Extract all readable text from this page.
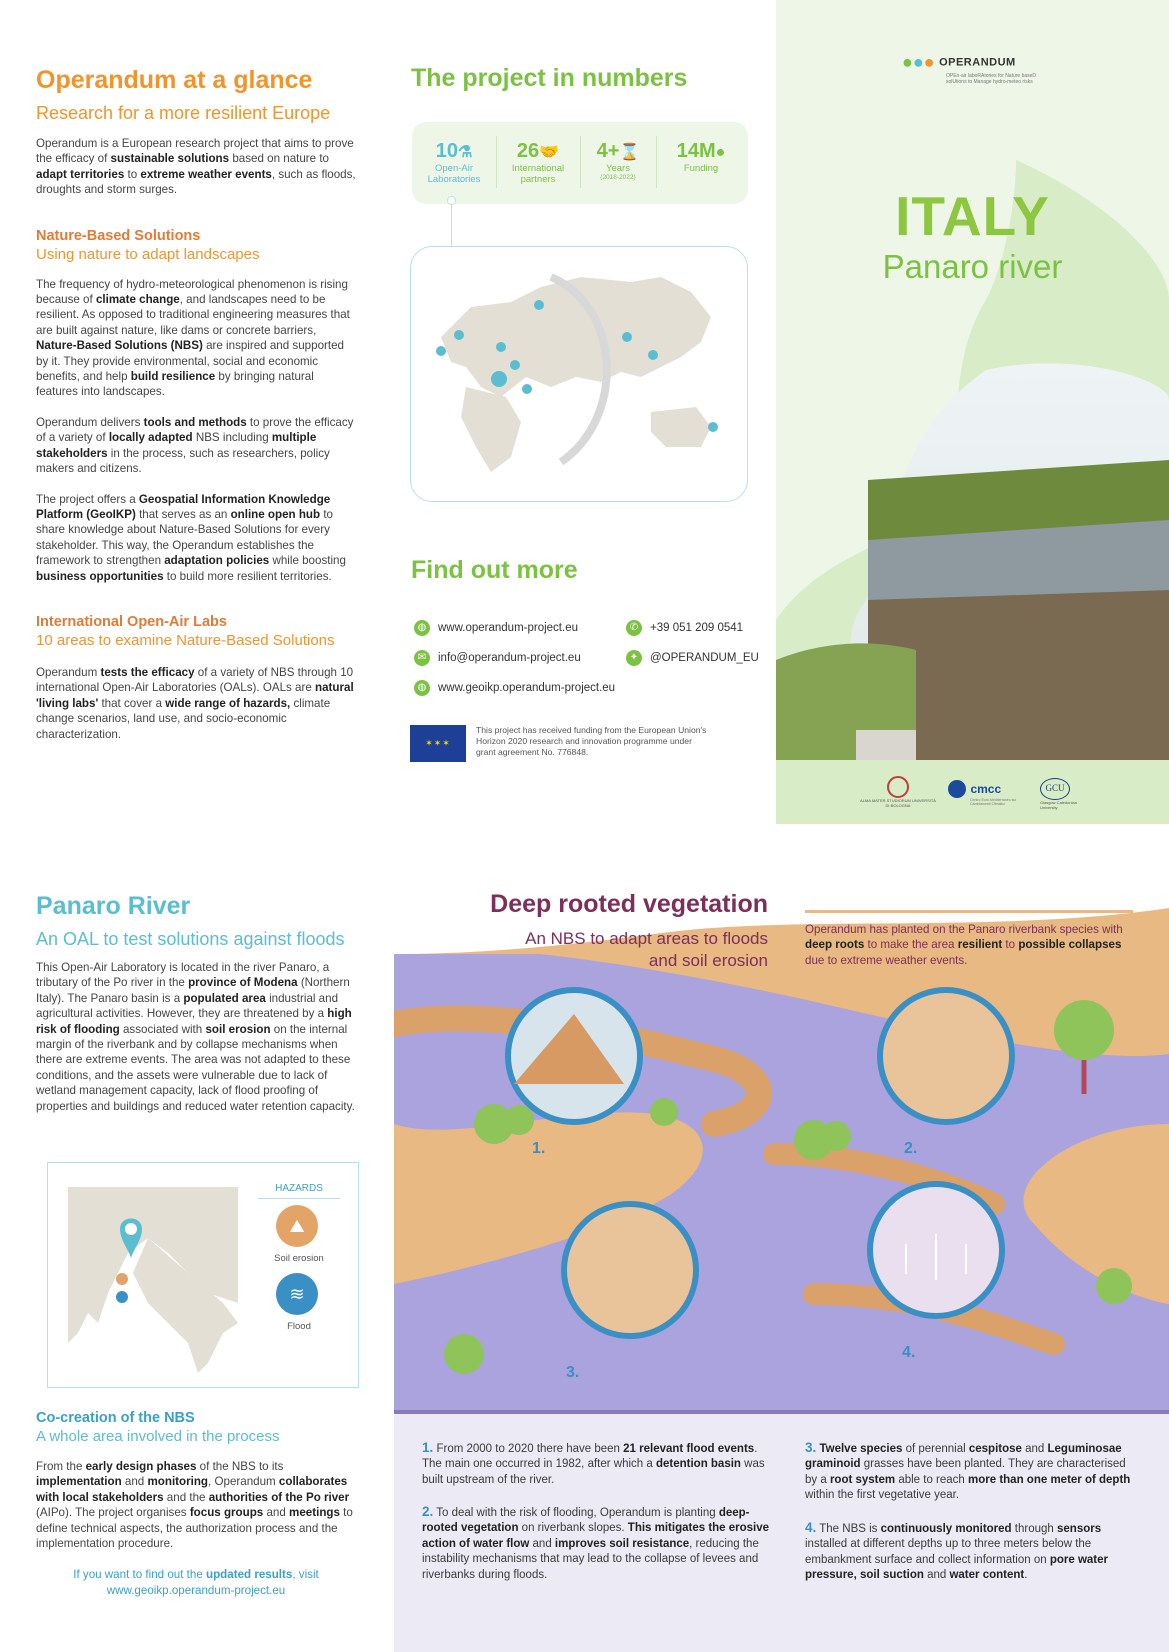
Operandum at a glance
Research for a more resilient Europe

Operandum is a European research project that aims to prove the efficacy of sustainable solutions based on nature to adapt territories to extreme weather events, such as floods, droughts and storm surges.

Nature-Based Solutions
Using nature to adapt landscapes

The frequency of hydro-meteorological phenomenon is rising because of climate change, and landscapes need to be resilient. As opposed to traditional engineering measures that are built against nature, like dams or concrete barriers, Nature-Based Solutions (NBS) are inspired and supported by it. They provide environmental, social and economic benefits, and help build resilience by bringing natural features into landscapes.

Operandum delivers tools and methods to prove the efficacy of a variety of locally adapted NBS including multiple stakeholders in the process, such as researchers, policy makers and citizens.

The project offers a Geospatial Information Knowledge Platform (GeoIKP) that serves as an online open hub to share knowledge about Nature-Based Solutions for every stakeholder. This way, the Operandum establishes the framework to strengthen adaptation policies while boosting business opportunities to build more resilient territories.

International Open-Air Labs
10 areas to examine Nature-Based Solutions

Operandum tests the efficacy of a variety of NBS through 10 international Open-Air Laboratories (OALs). OALs are natural 'living labs' that cover a wide range of hazards, climate change scenarios, land use, and socio-economic characterization.

The project in numbers
10⚗
Open-Air Laboratories
26🤝
International partners
4+⌛
Years
(2018-2022)
14M●
Funding
Find out more
◍ www.operandum-project.eu	✆ +39 051 209 0541
✉ info@operandum-project.eu	✦ @OPERANDUM_EU
◍ www.geoikp.operandum-project.eu
✶✶✶

This project has received funding from the European Union's Horizon 2020 research and innovation programme under grant agreement No. 776848.

●●● OPERANDUM
OPEn-air laboRAtories for Nature baseD solUtions to Manage hydro-meteo risks
ITALY
Panaro river
ALMA MATER STUDIORUM UNIVERSITÀ DI BOLOGNA
cmcc
Centro Euro-Mediterraneo sui Cambiamenti Climatici
GCU
Glasgow Caledonian University
Panaro River
An OAL to test solutions against floods

This Open-Air Laboratory is located in the river Panaro, a tributary of the Po river in the province of Modena (Northern Italy). The Panaro basin is a populated area industrial and agricultural activities. However, they are threatened by a high risk of flooding associated with soil erosion on the internal margin of the riverbank and by collapse mechanisms when there are extreme events. The area was not adapted to these conditions, and the assets were vulnerable due to lack of wetland management capacity, lack of flood proofing of properties and buildings and reduced water retention capacity.

HAZARDS
⛰
Soil erosion
≋
Flood
Co-creation of the NBS
A whole area involved in the process

From the early design phases of the NBS to its implementation and monitoring, Operandum collaborates with local stakeholders and the authorities of the Po river (AIPo). The project organises focus groups and meetings to define technical aspects, the authorization process and the implementation procedure.

If you want to find out the updated results, visit
www.geoikp.operandum-project.eu

1.	2.
3.
4.
Deep rooted vegetation
An NBS to adapt areas to floods
and soil erosion

Operandum has planted on the Panaro riverbank species with deep roots to make the area resilient to possible collapses due to extreme weather events.

1. From 2000 to 2020 there have been 21 relevant flood events. The main one occurred in 1982, after which a detention basin was built upstream of the river.

2. To deal with the risk of flooding, Operandum is planting deep-rooted vegetation on riverbank slopes. This mitigates the erosive action of water flow and improves soil resistance, reducing the instability mechanisms that may lead to the collapse of levees and riverbanks during floods.

3. Twelve species of perennial cespitose and Leguminosae graminoid grasses have been planted. They are characterised by a root system able to reach more than one meter of depth within the first vegetative year.

4. The NBS is continuously monitored through sensors installed at different depths up to three meters below the embankment surface and collect information on pore water pressure, soil suction and water content.
